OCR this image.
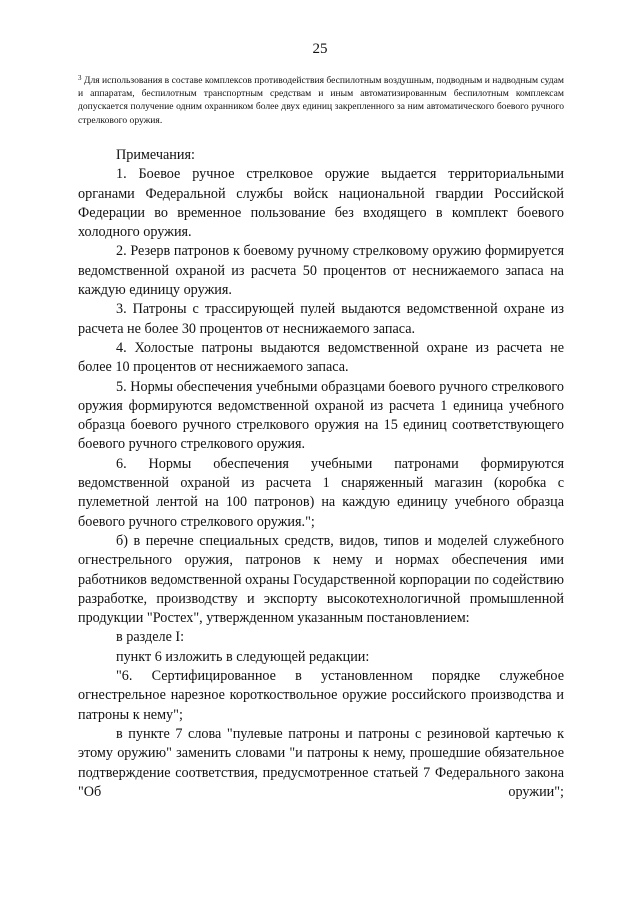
25
$^3$ Для использования в составе комплексов противодействия беспилотным воздушным, подводным и надводным судам и аппаратам, беспилотным транспортным средствам и иным автоматизированным беспилотным комплексам допускается получение одним охранником более двух единиц закрепленного за ним автоматического боевого ручного стрелкового оружия.

Примечания:

1. Боевое ручное стрелковое оружие выдается территориальными органами Федеральной службы войск национальной гвардии Российской Федерации во временное пользование без входящего в комплект боевого холодного оружия.

2. Резерв патронов к боевому ручному стрелковому оружию формируется ведомственной охраной из расчета 50 процентов от неснижаемого запаса на каждую единицу оружия.

3. Патроны с трассирующей пулей выдаются ведомственной охране из расчета не более 30 процентов от неснижаемого запаса.

4. Холостые патроны выдаются ведомственной охране из расчета не более 10 процентов от неснижаемого запаса.

5. Нормы обеспечения учебными образцами боевого ручного стрелкового оружия формируются ведомственной охраной из расчета 1 единица учебного образца боевого ручного стрелкового оружия на 15 единиц соответствующего боевого ручного стрелкового оружия.

6. Нормы обеспечения учебными патронами формируются ведомственной охраной из расчета 1 снаряженный магазин (коробка с пулеметной лентой на 100 патронов) на каждую единицу учебного образца боевого ручного стрелкового оружия.";

б) в перечне специальных средств, видов, типов и моделей служебного огнестрельного оружия, патронов к нему и нормах обеспечения ими работников ведомственной охраны Государственной корпорации по содействию разработке, производству и экспорту высокотехнологичной промышленной продукции "Ростех", утвержденном указанным постановлением:

в разделе I:

пункт 6 изложить в следующей редакции:

"6. Сертифицированное в установленном порядке служебное огнестрельное нарезное короткоствольное оружие российского производства и патроны к нему";

в пункте 7 слова "пулевые патроны и патроны с резиновой картечью к этому оружию" заменить словами "и патроны к нему, прошедшие обязательное подтверждение соответствия, предусмотренное статьей 7 Федерального закона "Об оружии";
